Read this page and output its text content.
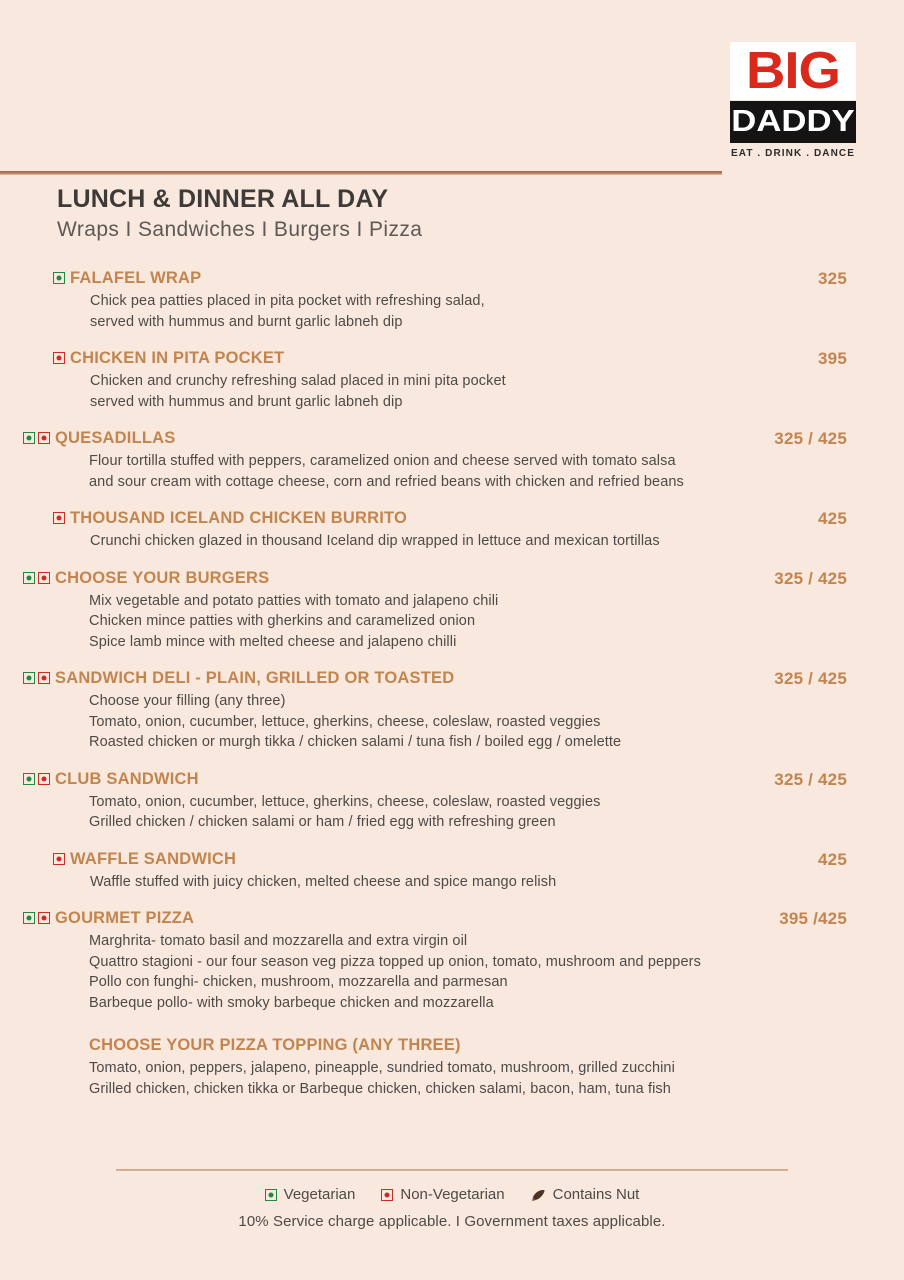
BIG
DADDY
EAT . DRINK . DANCE
LUNCH & DINNER ALL DAY

Wraps I Sandwiches I Burgers I Pizza

FALAFEL WRAP	325
Chick pea patties placed in pita pocket with refreshing salad,
served with hummus and burnt garlic labneh dip
CHICKEN IN PITA POCKET	395
Chicken and crunchy refreshing salad placed in mini pita pocket
served with hummus and brunt garlic labneh dip
QUESADILLAS	325 / 425
Flour tortilla stuffed with peppers, caramelized onion and cheese served with tomato salsa
and sour cream with cottage cheese, corn and refried beans with chicken and refried beans
THOUSAND ICELAND CHICKEN BURRITO	425
Crunchi chicken glazed in thousand Iceland dip wrapped in lettuce and mexican tortillas
CHOOSE YOUR BURGERS	325 / 425
Mix vegetable and potato patties with tomato and jalapeno chili
Chicken mince patties with gherkins and caramelized onion
Spice lamb mince with melted cheese and jalapeno chilli
SANDWICH DELI - PLAIN, GRILLED OR TOASTED	325 / 425
Choose your filling (any three)
Tomato, onion, cucumber, lettuce, gherkins, cheese, coleslaw, roasted veggies
Roasted chicken or murgh tikka / chicken salami / tuna fish / boiled egg / omelette
CLUB SANDWICH	325 / 425
Tomato, onion, cucumber, lettuce, gherkins, cheese, coleslaw, roasted veggies
Grilled chicken / chicken salami or ham / fried egg with refreshing green
WAFFLE SANDWICH	425
Waffle stuffed with juicy chicken, melted cheese and spice mango relish
GOURMET PIZZA	395 /425
Marghrita- tomato basil and mozzarella and extra virgin oil
Quattro stagioni - our four season veg pizza topped up onion, tomato, mushroom and peppers
Pollo con funghi- chicken, mushroom, mozzarella and parmesan
Barbeque pollo- with smoky barbeque chicken and mozzarella
CHOOSE YOUR PIZZA TOPPING (ANY THREE)
Tomato, onion, peppers, jalapeno, pineapple, sundried tomato, mushroom, grilled zucchini
Grilled chicken, chicken tikka or Barbeque chicken, chicken salami, bacon, ham, tuna fish
Vegetarian	Non-Vegetarian	Contains Nut
10% Service charge applicable. I Government taxes applicable.
